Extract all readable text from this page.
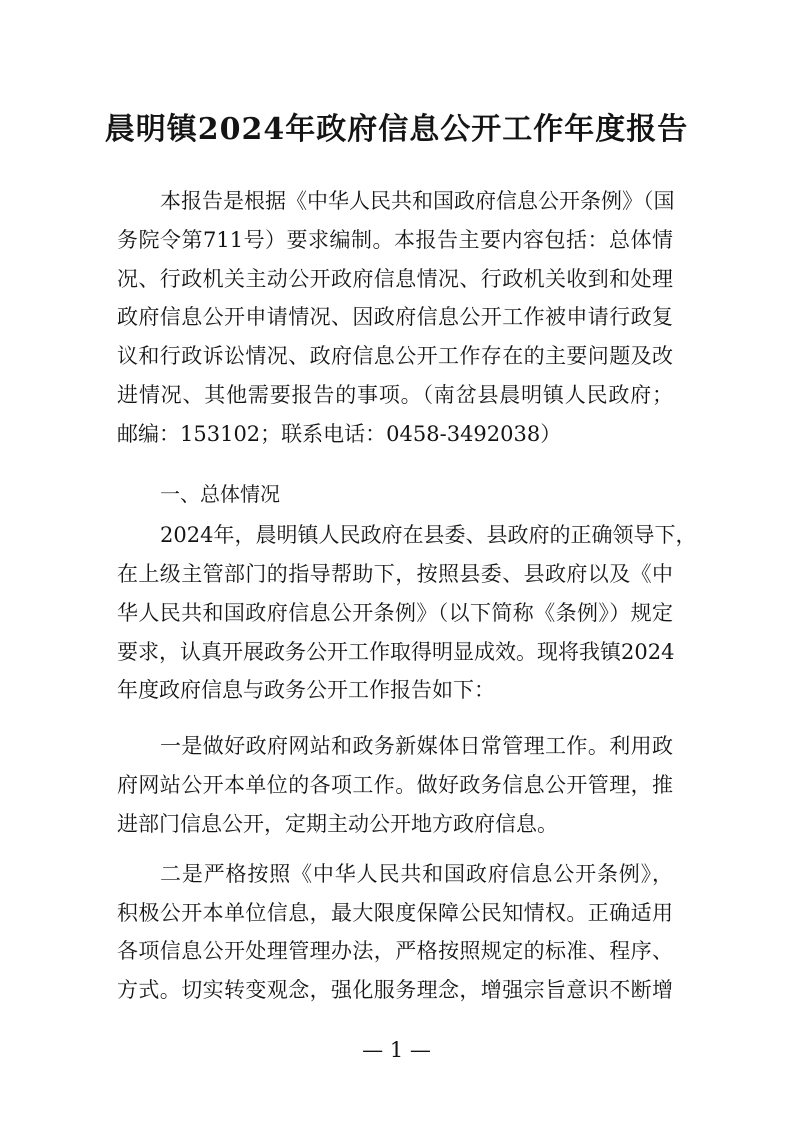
晨明镇2024年政府信息公开工作年度报告
本报告是根据《中华人民共和国政府信息公开条例》（国
务院令第711号）要求编制。本报告主要内容包括：总体情
况、行政机关主动公开政府信息情况、行政机关收到和处理
政府信息公开申请情况、因政府信息公开工作被申请行政复
议和行政诉讼情况、政府信息公开工作存在的主要问题及改
进情况、其他需要报告的事项。（南岔县晨明镇人民政府；
邮编：153102；联系电话：0458-3492038）
一、总体情况
2024年，晨明镇人民政府在县委、县政府的正确领导下，
在上级主管部门的指导帮助下，按照县委、县政府以及《中
华人民共和国政府信息公开条例》（以下简称《条例》）规定
要求，认真开展政务公开工作取得明显成效。现将我镇2024
年度政府信息与政务公开工作报告如下：
一是做好政府网站和政务新媒体日常管理工作。利用政
府网站公开本单位的各项工作。做好政务信息公开管理，推
进部门信息公开，定期主动公开地方政府信息。
二是严格按照《中华人民共和国政府信息公开条例》，
积极公开本单位信息，最大限度保障公民知情权。正确适用
各项信息公开处理管理办法，严格按照规定的标准、程序、
方式。切实转变观念，强化服务理念，增强宗旨意识不断增
— 1 —
